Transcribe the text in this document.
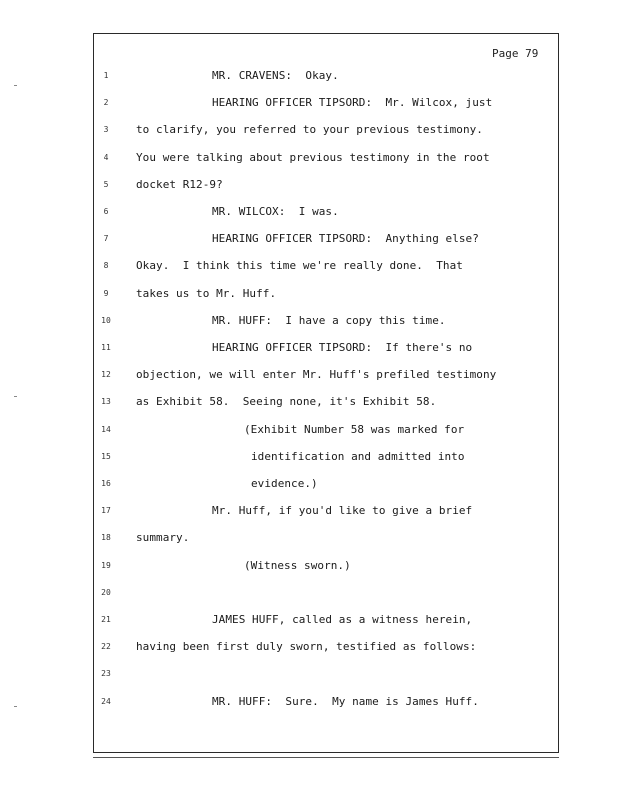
Page 79
1	MR. CRAVENS:  Okay.
2	HEARING OFFICER TIPSORD:  Mr. Wilcox, just
3	to clarify, you referred to your previous testimony.
4	You were talking about previous testimony in the root
5	docket R12-9?
6	MR. WILCOX:  I was.
7	HEARING OFFICER TIPSORD:  Anything else?
8	Okay.  I think this time we're really done.  That
9	takes us to Mr. Huff.
10	MR. HUFF:  I have a copy this time.
11	HEARING OFFICER TIPSORD:  If there's no
12 objection, we will enter Mr. Huff's prefiled testimony
13 as Exhibit 58.  Seeing none, it's Exhibit 58.
14	(Exhibit Number 58 was marked for
15	identification and admitted into
16	evidence.)
17	Mr. Huff, if you'd like to give a brief
18 summary.
19	(Witness sworn.)
20
21	JAMES HUFF, called as a witness herein,
22 having been first duly sworn, testified as follows:
23
24	MR. HUFF:  Sure.  My name is James Huff.
